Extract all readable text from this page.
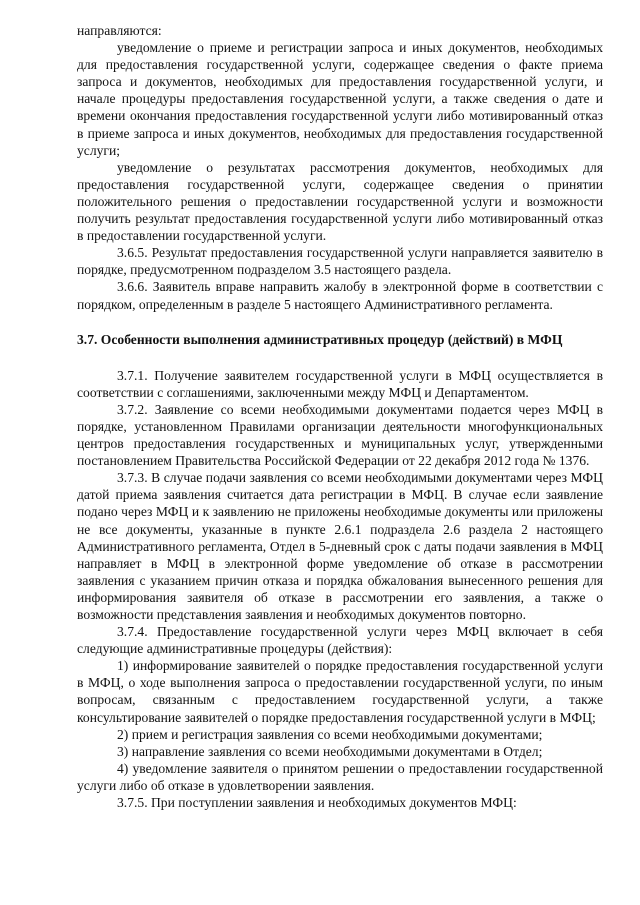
направляются:

уведомление о приеме и регистрации запроса и иных документов, необходимых для предоставления государственной услуги, содержащее сведения о факте приема запроса и документов, необходимых для предоставления государственной услуги, и начале процедуры предоставления государственной услуги, а также сведения о дате и времени окончания предоставления государственной услуги либо мотивированный отказ в приеме запроса и иных документов, необходимых для предоставления государственной услуги;

уведомление о результатах рассмотрения документов, необходимых для предоставления государственной услуги, содержащее сведения о принятии положительного решения о предоставлении государственной услуги и возможности получить результат предоставления государственной услуги либо мотивированный отказ в предоставлении государственной услуги.

3.6.5. Результат предоставления государственной услуги направляется заявителю в порядке, предусмотренном подразделом 3.5 настоящего раздела.

3.6.6. Заявитель вправе направить жалобу в электронной форме в соответствии с порядком, определенным в разделе 5 настоящего Административного регламента.

3.7. Особенности выполнения административных процедур (действий) в МФЦ

3.7.1. Получение заявителем государственной услуги в МФЦ осуществляется в соответствии с соглашениями, заключенными между МФЦ и Департаментом.

3.7.2. Заявление со всеми необходимыми документами подается через МФЦ в порядке, установленном Правилами организации деятельности многофункциональных центров предоставления государственных и муниципальных услуг, утвержденными постановлением Правительства Российской Федерации от 22 декабря 2012 года № 1376.

3.7.3. В случае подачи заявления со всеми необходимыми документами через МФЦ датой приема заявления считается дата регистрации в МФЦ. В случае если заявление подано через МФЦ и к заявлению не приложены необходимые документы или приложены не все документы, указанные в пункте 2.6.1 подраздела 2.6 раздела 2 настоящего Административного регламента, Отдел в 5-дневный срок с даты подачи заявления в МФЦ направляет в МФЦ в электронной форме уведомление об отказе в рассмотрении заявления с указанием причин отказа и порядка обжалования вынесенного решения для информирования заявителя об отказе в рассмотрении его заявления, а также о возможности представления заявления и необходимых документов повторно.

3.7.4. Предоставление государственной услуги через МФЦ включает в себя следующие административные процедуры (действия):

1) информирование заявителей о порядке предоставления государственной услуги в МФЦ, о ходе выполнения запроса о предоставлении государственной услуги, по иным вопросам, связанным с предоставлением государственной услуги, а также консультирование заявителей о порядке предоставления государственной услуги в МФЦ;

2) прием и регистрация заявления со всеми необходимыми документами;

3) направление заявления со всеми необходимыми документами в Отдел;

4) уведомление заявителя о принятом решении о предоставлении государственной услуги либо об отказе в удовлетворении заявления.

3.7.5. При поступлении заявления и необходимых документов МФЦ:
